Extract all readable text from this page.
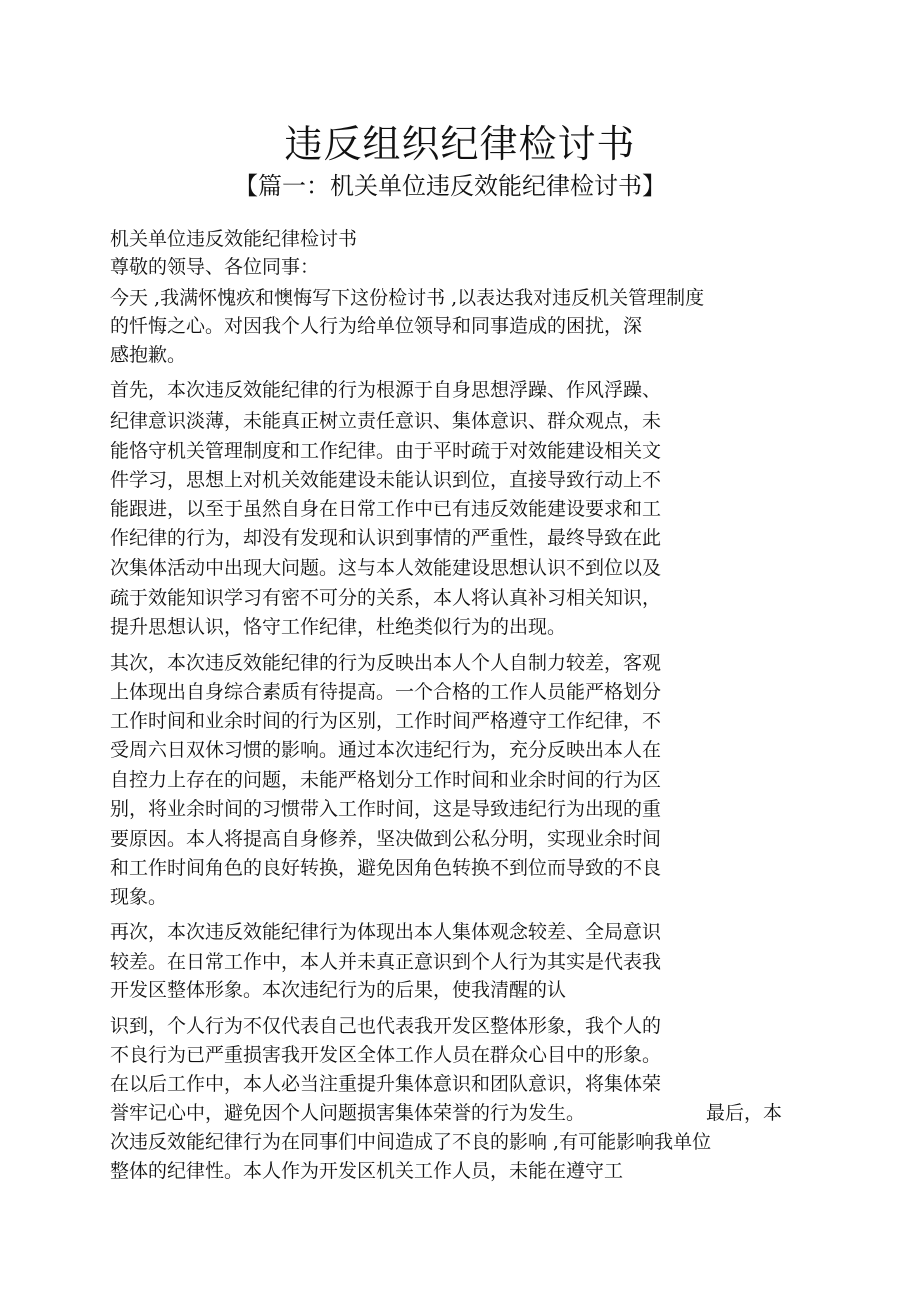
违反组织纪律检讨书
【篇一：机关单位违反效能纪律检讨书】
机关单位违反效能纪律检讨书
尊敬的领导、各位同事：
今天 ,我满怀愧疚和懊悔写下这份检讨书 ,以表达我对违反机关管理制度
的忏悔之心。对因我个人行为给单位领导和同事造成的困扰，深
感抱歉。
首先，本次违反效能纪律的行为根源于自身思想浮躁、作风浮躁、
纪律意识淡薄，未能真正树立责任意识、集体意识、群众观点，未
能恪守机关管理制度和工作纪律。由于平时疏于对效能建设相关文
件学习，思想上对机关效能建设未能认识到位，直接导致行动上不
能跟进，以至于虽然自身在日常工作中已有违反效能建设要求和工
作纪律的行为，却没有发现和认识到事情的严重性，最终导致在此
次集体活动中出现大问题。这与本人效能建设思想认识不到位以及
疏于效能知识学习有密不可分的关系，本人将认真补习相关知识，
提升思想认识，恪守工作纪律，杜绝类似行为的出现。
其次，本次违反效能纪律的行为反映出本人个人自制力较差，客观
上体现出自身综合素质有待提高。一个合格的工作人员能严格划分
工作时间和业余时间的行为区别，工作时间严格遵守工作纪律，不
受周六日双休习惯的影响。通过本次违纪行为，充分反映出本人在
自控力上存在的问题，未能严格划分工作时间和业余时间的行为区
别，将业余时间的习惯带入工作时间，这是导致违纪行为出现的重
要原因。本人将提高自身修养，坚决做到公私分明，实现业余时间
和工作时间角色的良好转换，避免因角色转换不到位而导致的不良
现象。
再次，本次违反效能纪律行为体现出本人集体观念较差、全局意识
较差。在日常工作中，本人并未真正意识到个人行为其实是代表我
开发区整体形象。本次违纪行为的后果，使我清醒的认
识到，个人行为不仅代表自己也代表我开发区整体形象，我个人的
不良行为已严重损害我开发区全体工作人员在群众心目中的形象。
在以后工作中，本人必当注重提升集体意识和团队意识，将集体荣
誉牢记心中，避免因个人问题损害集体荣誉的行为发生。	最后，本
次违反效能纪律行为在同事们中间造成了不良的影响 ,有可能影响我单位
整体的纪律性。本人作为开发区机关工作人员，未能在遵守工
